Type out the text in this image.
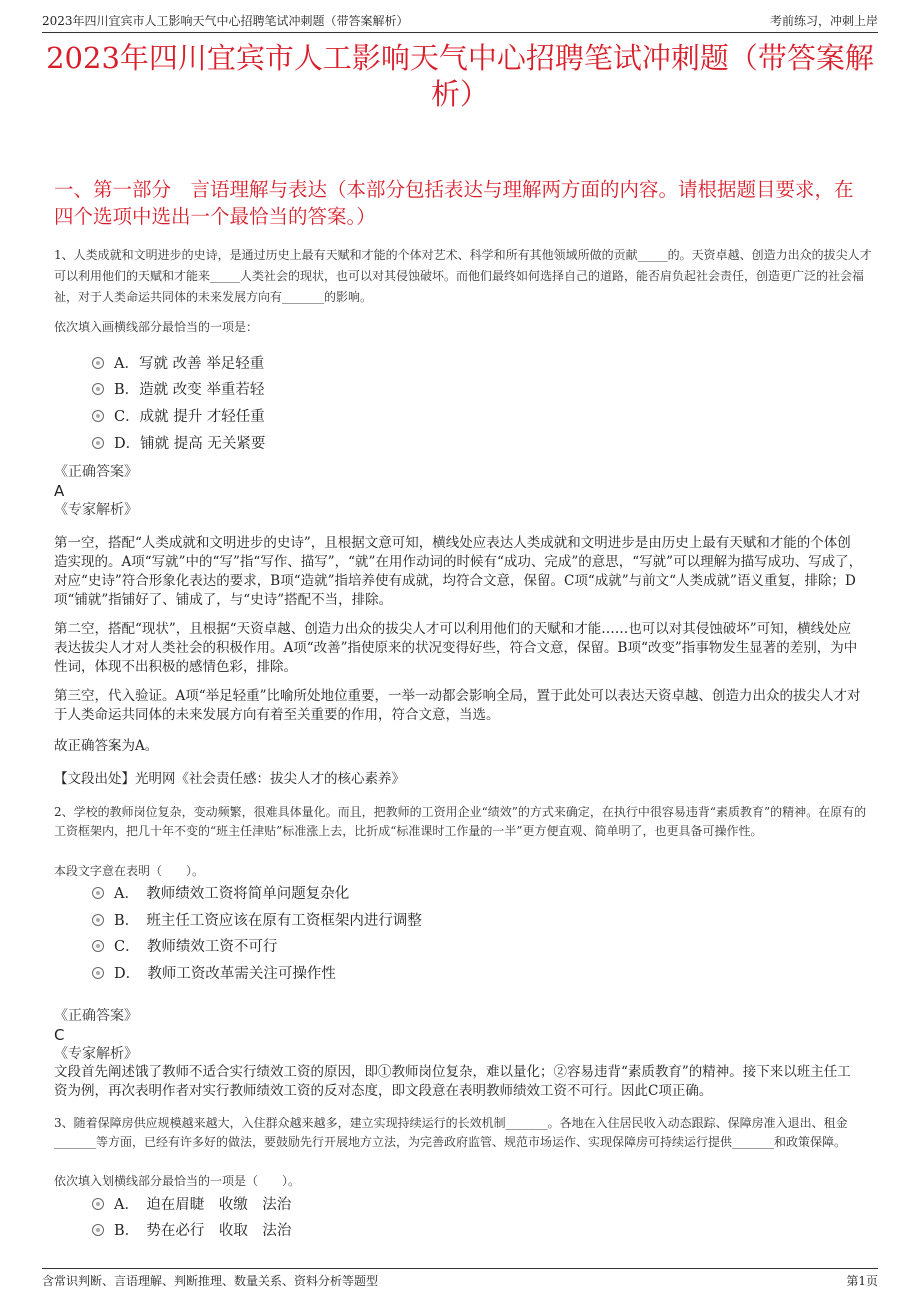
2023年四川宜宾市人工影响天气中心招聘笔试冲刺题（带答案解析）	考前练习，冲刺上岸
2023年四川宜宾市人工影响天气中心招聘笔试冲刺题（带答案解析）
一、第一部分　言语理解与表达（本部分包括表达与理解两方面的内容。请根据题目要求，在四个选项中选出一个最恰当的答案。）
1、人类成就和文明进步的史诗，是通过历史上最有天赋和才能的个体对艺术、科学和所有其他领域所做的贡献_____的。天资卓越、创造力出众的拔尖人才可以利用他们的天赋和才能来_____人类社会的现状，也可以对其侵蚀破坏。而他们最终如何选择自己的道路，能否肩负起社会责任，创造更广泛的社会福祉，对于人类命运共同体的未来发展方向有_______的影响。
依次填入画横线部分最恰当的一项是：
A．写就 改善 举足轻重
B．造就 改变 举重若轻
C．成就 提升 才轻任重
D．铺就 提高 无关紧要
《正确答案》
A
《专家解析》
第一空，搭配“人类成就和文明进步的史诗”，且根据文意可知，横线处应表达人类成就和文明进步是由历史上最有天赋和才能的个体创造实现的。A项“写就”中的“写”指“写作、描写”，“就”在用作动词的时候有“成功、完成”的意思，“写就”可以理解为描写成功、写成了，对应“史诗”符合形象化表达的要求，B项“造就”指培养使有成就，均符合文意，保留。C项“成就”与前文“人类成就”语义重复，排除；D项“铺就”指铺好了、铺成了，与“史诗”搭配不当，排除。
第二空，搭配“现状”，且根据“天资卓越、创造力出众的拔尖人才可以利用他们的天赋和才能……也可以对其侵蚀破坏”可知，横线处应表达拔尖人才对人类社会的积极作用。A项“改善”指使原来的状况变得好些，符合文意，保留。B项“改变”指事物发生显著的差别，为中性词，体现不出积极的感情色彩，排除。
第三空，代入验证。A项“举足轻重”比喻所处地位重要，一举一动都会影响全局，置于此处可以表达天资卓越、创造力出众的拔尖人才对于人类命运共同体的未来发展方向有着至关重要的作用，符合文意，当选。
故正确答案为A。
【文段出处】光明网《社会责任感：拔尖人才的核心素养》
2、学校的教师岗位复杂，变动频繁，很难具体量化。而且，把教师的工资用企业“绩效”的方式来确定，在执行中很容易违背“素质教育”的精神。在原有的工资框架内，把几十年不变的“班主任津贴”标准涨上去，比折成“标准课时工作量的一半”更方便直观、简单明了，也更具备可操作性。
本段文字意在表明（　　）。
A．　教师绩效工资将简单问题复杂化
B．　班主任工资应该在原有工资框架内进行调整
C．　教师绩效工资不可行
D．　教师工资改革需关注可操作性
《正确答案》
C
《专家解析》
文段首先阐述饿了教师不适合实行绩效工资的原因，即①教师岗位复杂，难以量化；②容易违背“素质教育”的精神。接下来以班主任工资为例，再次表明作者对实行教师绩效工资的反对态度，即文段意在表明教师绩效工资不可行。因此C项正确。
3、随着保障房供应规模越来越大，入住群众越来越多，建立实现持续运行的长效机制_______。各地在入住居民收入动态跟踪、保障房准入退出、租金_______等方面，已经有许多好的做法，要鼓励先行开展地方立法，为完善政府监管、规范市场运作、实现保障房可持续运行提供_______和政策保障。
依次填入划横线部分最恰当的一项是（　　）。
A．　迫在眉睫　收缴　法治
B．　势在必行　收取　法治
含常识判断、言语理解、判断推理、数量关系、资料分析等题型	第1页
